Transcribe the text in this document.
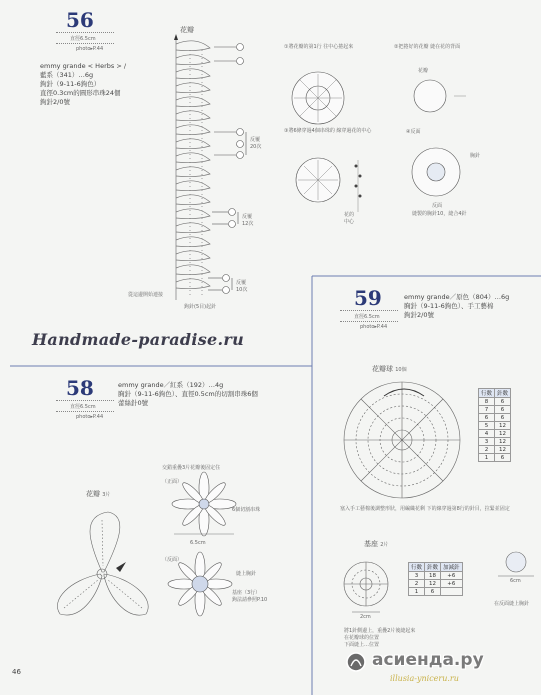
56
直徑6.5cm
photo▸P.44
emmy grande < Herbs > /
藍系（341）…6g
鉤針（9-11-6鉤色）
直徑0.3cm的圓形串珠24個
鉤針2/0號
花瓣
反覆20次
反覆12次
反覆10次
從這邊開始連接
鉤針(5目)起針
①將花瓣的第1行 往中心捲起來	②把捲好的花瓣 縫在花的背面
③將6條穿過4個串珠的 線穿過花的中心	④反面
花瓣
花的中心
胸針
反面
縫製的胸針10，縫合4針
Handmade-paradise.ru
59
直徑6.5cm
photo▸P.44
emmy grande／原色（804）…6g
胸針（9-11-6鉤色）、手工藝棉
鉤針2/0號
花瓣球 10個
行數	針數
8	6
7	6
6	6
5	12
4	12
3	12
2	12
1	6
塞入手工藝棉後調整形狀，用編織花剩 下的線穿過第8行的針目，拉緊並固定
基座 2片
2cm
6cm
在反面縫上胸針
行數	針數	加減針
3	18	+6
2	12	+6
1	6	
將1針側邊上，重疊2片後縫起來
在花瓣球的位置
下面縫上…位置
58
直徑6.5cm
photo▸P.44
emmy grande／紅系（192）…4g
胸針（9-11-6鉤色）、直徑0.5cm的切割串珠6個
蕾絲針0號
花瓣 3片
交錯重疊3片花瓣後固定住
（正面）
6個切割串珠
6.5cm
（反面）
縫上胸針
基座（3行）
鉤法請參照P.10
46
асиенда.ру
illusia-yniceru.ru
